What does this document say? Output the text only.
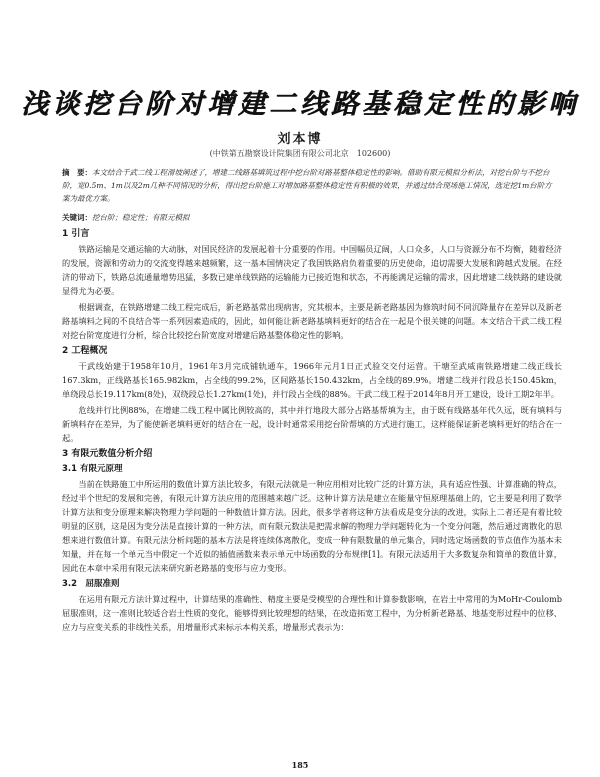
浅谈挖台阶对增建二线路基稳定性的影响
刘本博
(中铁第五勘察设计院集团有限公司北京　102600)
摘　要：本文结合千武二线工程滑坡阐述了，增建二线路基填筑过程中挖台阶对路基整体稳定性的影响。借助有限元模拟分析法，对挖台阶与不挖台阶，宽0.5m、1m以及2m几种不同情况的分析，得出挖台阶施工对增加路基整体稳定性有积极的效果，并通过结合现场施工情况，选定挖1m台阶方案为最优方案。
关键词：挖台阶；稳定性；有限元模拟
1 引言

铁路运输是交通运输的大动脉，对国民经济的发展起着十分重要的作用。中国幅员辽阔，人口众多，人口与资源分布不均衡，随着经济的发展，资源和劳动力的交流变得越来越频繁，这一基本国情决定了我国铁路肩负着重要的历史使命，追切需要大发展和跨越式发展。在经济的带动下，铁路总流通量增势迅猛，多数已建单线铁路的运输能力已接近饱和状态，不再能满足运输的需求，因此增建二线铁路的建设就显得尤为必要。

根据调查，在铁路增建二线工程完成后，新老路基常出现病害，究其根本，主要是新老路基因为修筑时间不同沉降量存在差异以及新老路基填料之间的不良结合等一系列因素造成的，因此，如何能让新老路基填料更好的结合在一起是个很关键的问题。本文结合干武二线工程对挖台阶宽度进行分析，综合比较挖台阶宽度对增建后路基整体稳定性的影响。

2 工程概况

干武线始建于1958年10月，1961年3月完成铺轨通车，1966年元月1日正式验交交付运营。干塘至武威南铁路增建二线正线长167.3km，正线路基长165.982km，占全线的99.2%，区间路基长150.432km，占全线的89.9%。增建二线并行段总长150.45km，单绕段总长19.117km(8处)，双绕段总长1.27km(1处)，并行段占全线的88%。干武二线工程于2014年8月开工建设，设计工期2年半。

危线并行比例88%，在增建二线工程中属比例较高的，其中并行地段大部分占路基帮填为主，由于既有线路基年代久远，既有填料与新填料存在差异，为了能使新老填料更好的结合在一起，设计时通常采用挖台阶帮填的方式进行施工，这样能保证新老填料更好的结合在一起。

3 有限元数值分析介绍
3.1 有限元原理

当前在铁路施工中所运用的数值计算方法比较多，有限元法就是一种应用相对比较广泛的计算方法，具有适应性强、计算准确的特点，经过半个世纪的发展和完善，有限元计算方法应用的范围越来越广泛。这种计算方法是建立在能量守恒原理基础上的，它主要是利用了数学计算方法和变分原理来解决物理力学问题的一种数值计算方法。因此，很多学者将这种方法看成是变分法的改进，实际上二者还是有着比较明显的区别，这是因为变分法是直接计算的一种方法，而有限元数法是把需求解的物理力学问题转化为一个变分问题，然后通过离散化的思想来进行数值计算。有限元法分析问题的基本方法是将连续体离散化，变成一种有限数量的单元集合，同时选定场函数的节点值作为基本未知量，并在每一个单元当中假定一个近似的插值函数来表示单元中场函数的分布规律[1]。有限元法适用于大多数复杂和简单的数值计算，因此在本章中采用有限元法来研究新老路基的变形与应力变形。

3.2　屈服准则

在运用有限元方法计算过程中，计算结果的准确性、精度主要是受模型的合理性和计算参数影响，在岩土中常用的为MoHr-Coulomb屈服准则，这一准则比较适合岩土性质的变化，能够得到比较理想的结果，在改造拓宽工程中，为分析新老路基、地基变形过程中的位移、应力与应变关系的非线性关系，用增量形式来标示本构关系，增量形式表示为：

185
